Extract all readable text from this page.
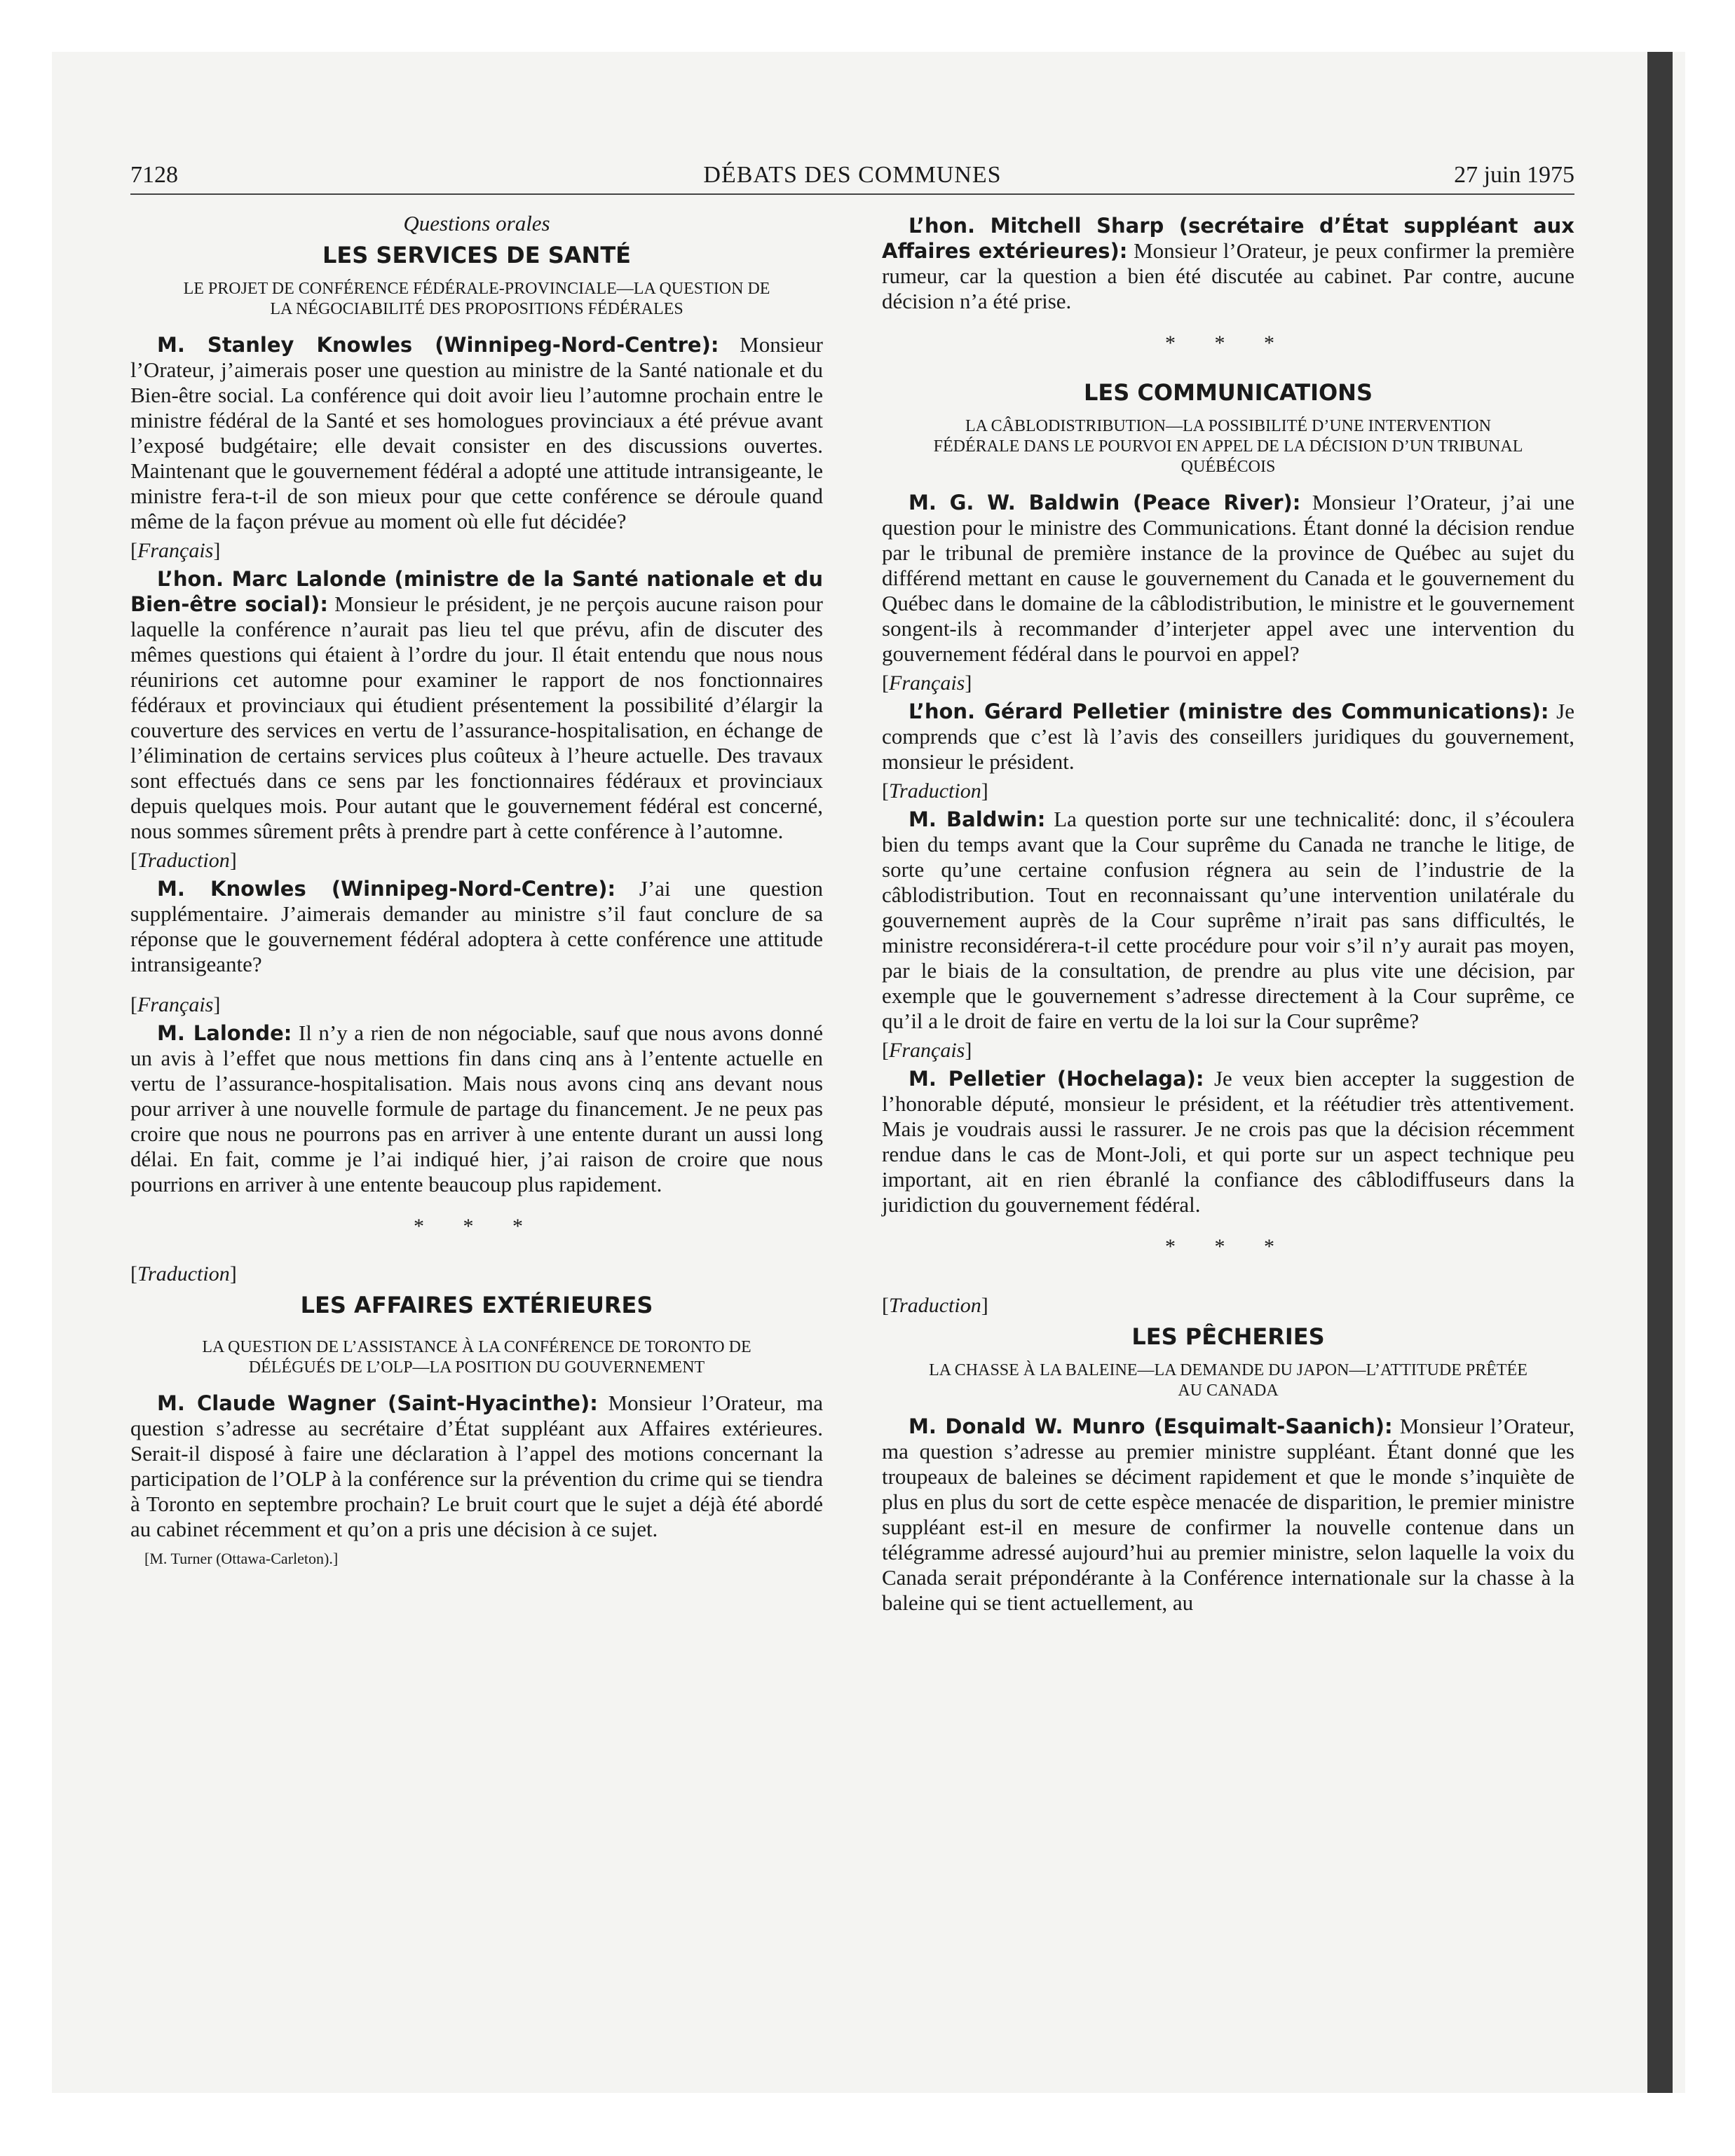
7128	DÉBATS DES COMMUNES	27 juin 1975
Questions orales
LES SERVICES DE SANTÉ
LE PROJET DE CONFÉRENCE FÉDÉRALE-PROVINCIALE—LA QUESTION DE LA NÉGOCIABILITÉ DES PROPOSITIONS FÉDÉRALES

M. Stanley Knowles (Winnipeg-Nord-Centre): Monsieur l’Orateur, j’aimerais poser une question au ministre de la Santé nationale et du Bien-être social. La conférence qui doit avoir lieu l’automne prochain entre le ministre fédéral de la Santé et ses homologues provinciaux a été prévue avant l’exposé budgétaire; elle devait consister en des discussions ouvertes. Maintenant que le gouvernement fédéral a adopté une attitude intransigeante, le ministre fera-t-il de son mieux pour que cette conférence se déroule quand même de la façon prévue au moment où elle fut décidée?

[Français]

L’hon. Marc Lalonde (ministre de la Santé nationale et du Bien-être social): Monsieur le président, je ne perçois aucune raison pour laquelle la conférence n’aurait pas lieu tel que prévu, afin de discuter des mêmes questions qui étaient à l’ordre du jour. Il était entendu que nous nous réunirions cet automne pour examiner le rapport de nos fonctionnaires fédéraux et provinciaux qui étudient présentement la possibilité d’élargir la couverture des services en vertu de l’assurance-hospitalisation, en échange de l’élimination de certains services plus coûteux à l’heure actuelle. Des travaux sont effectués dans ce sens par les fonctionnaires fédéraux et provinciaux depuis quelques mois. Pour autant que le gouvernement fédéral est concerné, nous sommes sûrement prêts à prendre part à cette conférence à l’automne.

[Traduction]

M. Knowles (Winnipeg-Nord-Centre): J’ai une question supplémentaire. J’aimerais demander au ministre s’il faut conclure de sa réponse que le gouvernement fédéral adoptera à cette conférence une attitude intransigeante?

[Français]

M. Lalonde: Il n’y a rien de non négociable, sauf que nous avons donné un avis à l’effet que nous mettions fin dans cinq ans à l’entente actuelle en vertu de l’assurance-hospitalisation. Mais nous avons cinq ans devant nous pour arriver à une nouvelle formule de partage du financement. Je ne peux pas croire que nous ne pourrons pas en arriver à une entente durant un aussi long délai. En fait, comme je l’ai indiqué hier, j’ai raison de croire que nous pourrions en arriver à une entente beaucoup plus rapidement.

* * *
[Traduction]
LES AFFAIRES EXTÉRIEURES
LA QUESTION DE L’ASSISTANCE À LA CONFÉRENCE DE TORONTO DE DÉLÉGUÉS DE L’OLP—LA POSITION DU GOUVERNEMENT

M. Claude Wagner (Saint-Hyacinthe): Monsieur l’Orateur, ma question s’adresse au secrétaire d’État suppléant aux Affaires extérieures. Serait-il disposé à faire une déclaration à l’appel des motions concernant la participation de l’OLP à la conférence sur la prévention du crime qui se tiendra à Toronto en septembre prochain? Le bruit court que le sujet a déjà été abordé au cabinet récemment et qu’on a pris une décision à ce sujet.

[M. Turner (Ottawa-Carleton).]

L’hon. Mitchell Sharp (secrétaire d’État suppléant aux Affaires extérieures): Monsieur l’Orateur, je peux confirmer la première rumeur, car la question a bien été discutée au cabinet. Par contre, aucune décision n’a été prise.

* * *
LES COMMUNICATIONS
LA CÂBLODISTRIBUTION—LA POSSIBILITÉ D’UNE INTERVENTION FÉDÉRALE DANS LE POURVOI EN APPEL DE LA DÉCISION D’UN TRIBUNAL QUÉBÉCOIS

M. G. W. Baldwin (Peace River): Monsieur l’Orateur, j’ai une question pour le ministre des Communications. Étant donné la décision rendue par le tribunal de première instance de la province de Québec au sujet du différend mettant en cause le gouvernement du Canada et le gouvernement du Québec dans le domaine de la câblodistribution, le ministre et le gouvernement songent-ils à recommander d’interjeter appel avec une intervention du gouvernement fédéral dans le pourvoi en appel?

[Français]

L’hon. Gérard Pelletier (ministre des Communications): Je comprends que c’est là l’avis des conseillers juridiques du gouvernement, monsieur le président.

[Traduction]

M. Baldwin: La question porte sur une technicalité: donc, il s’écoulera bien du temps avant que la Cour suprême du Canada ne tranche le litige, de sorte qu’une certaine confusion régnera au sein de l’industrie de la câblodistribution. Tout en reconnaissant qu’une intervention unilatérale du gouvernement auprès de la Cour suprême n’irait pas sans difficultés, le ministre reconsidérera-t-il cette procédure pour voir s’il n’y aurait pas moyen, par le biais de la consultation, de prendre au plus vite une décision, par exemple que le gouvernement s’adresse directement à la Cour suprême, ce qu’il a le droit de faire en vertu de la loi sur la Cour suprême?

[Français]

M. Pelletier (Hochelaga): Je veux bien accepter la suggestion de l’honorable député, monsieur le président, et la réétudier très attentivement. Mais je voudrais aussi le rassurer. Je ne crois pas que la décision récemment rendue dans le cas de Mont-Joli, et qui porte sur un aspect technique peu important, ait en rien ébranlé la confiance des câblodiffuseurs dans la juridiction du gouvernement fédéral.

* * *
[Traduction]
LES PÊCHERIES
LA CHASSE À LA BALEINE—LA DEMANDE DU JAPON—L’ATTITUDE PRÊTÉE AU CANADA

M. Donald W. Munro (Esquimalt-Saanich): Monsieur l’Orateur, ma question s’adresse au premier ministre suppléant. Étant donné que les troupeaux de baleines se déciment rapidement et que le monde s’inquiète de plus en plus du sort de cette espèce menacée de disparition, le premier ministre suppléant est-il en mesure de confirmer la nouvelle contenue dans un télégramme adressé aujourd’hui au premier ministre, selon laquelle la voix du Canada serait prépondérante à la Conférence internationale sur la chasse à la baleine qui se tient actuellement, au
